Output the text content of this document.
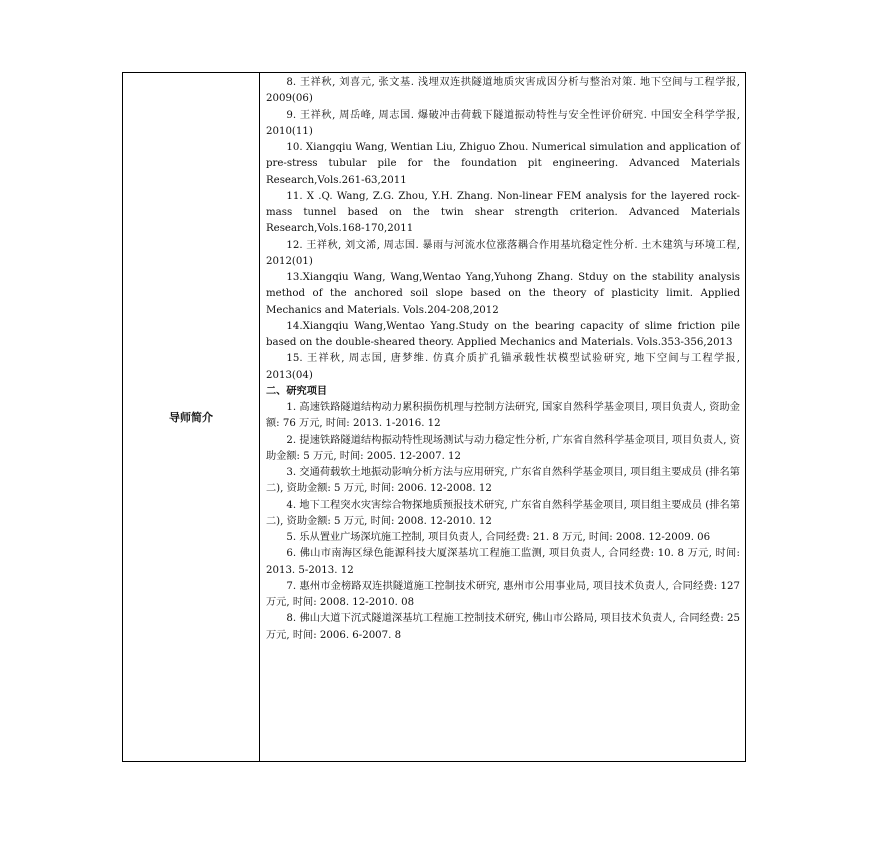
导师简介	

8. 王祥秋, 刘喜元, 张文基. 浅埋双连拱隧道地质灾害成因分析与整治对策. 地下空间与工程学报, 2009(06)

9. 王祥秋, 周岳峰, 周志国. 爆破冲击荷载下隧道振动特性与安全性评价研究. 中国安全科学学报, 2010(11)

10. Xiangqiu Wang, Wentian Liu, Zhiguo Zhou. Numerical simulation and application of pre-stress tubular pile for the foundation pit engineering. Advanced Materials Research,Vols.261-63,2011

11. X .Q. Wang, Z.G. Zhou, Y.H. Zhang. Non-linear FEM analysis for the layered rock-mass tunnel based on the twin shear strength criterion. Advanced Materials Research,Vols.168-170,2011

12. 王祥秋, 刘文浠, 周志国. 暴雨与河流水位涨落耦合作用基坑稳定性分析. 土木建筑与环境工程, 2012(01)

13.Xiangqiu Wang, Wang,Wentao Yang,Yuhong Zhang. Stduy on the stability analysis method of the anchored soil slope based on the theory of plasticity limit. Applied Mechanics and Materials. Vols.204-208,2012

14.Xiangqiu Wang,Wentao Yang.Study on the bearing capacity of slime friction pile based on the double-sheared theory. Applied Mechanics and Materials. Vols.353-356,2013

15. 王祥秋, 周志国, 唐梦维. 仿真介质扩孔锚承载性状模型试验研究, 地下空间与工程学报, 2013(04)

二、研究项目

1. 高速铁路隧道结构动力累积损伤机理与控制方法研究, 国家自然科学基金项目, 项目负责人, 资助金额: 76 万元, 时间: 2013. 1-2016. 12

2. 提速铁路隧道结构振动特性现场测试与动力稳定性分析, 广东省自然科学基金项目, 项目负责人, 资助金额: 5 万元, 时间: 2005. 12-2007. 12

3. 交通荷载软土地振动影响分析方法与应用研究, 广东省自然科学基金项目, 项目组主要成员 (排名第二), 资助金额: 5 万元, 时间: 2006. 12-2008. 12

4. 地下工程突水灾害综合物探地质预报技术研究, 广东省自然科学基金项目, 项目组主要成员 (排名第二), 资助金额: 5 万元, 时间: 2008. 12-2010. 12

5. 乐从置业广场深坑施工控制, 项目负责人, 合同经费: 21. 8 万元, 时间: 2008. 12-2009. 06

6. 佛山市南海区绿色能源科技大厦深基坑工程施工监测, 项目负责人, 合同经费: 10. 8 万元, 时间: 2013. 5-2013. 12

7. 惠州市金榜路双连拱隧道施工控制技术研究, 惠州市公用事业局, 项目技术负责人, 合同经费: 127 万元, 时间: 2008. 12-2010. 08

8. 佛山大道下沉式隧道深基坑工程施工控制技术研究, 佛山市公路局, 项目技术负责人, 合同经费: 25 万元, 时间: 2006. 6-2007. 8
